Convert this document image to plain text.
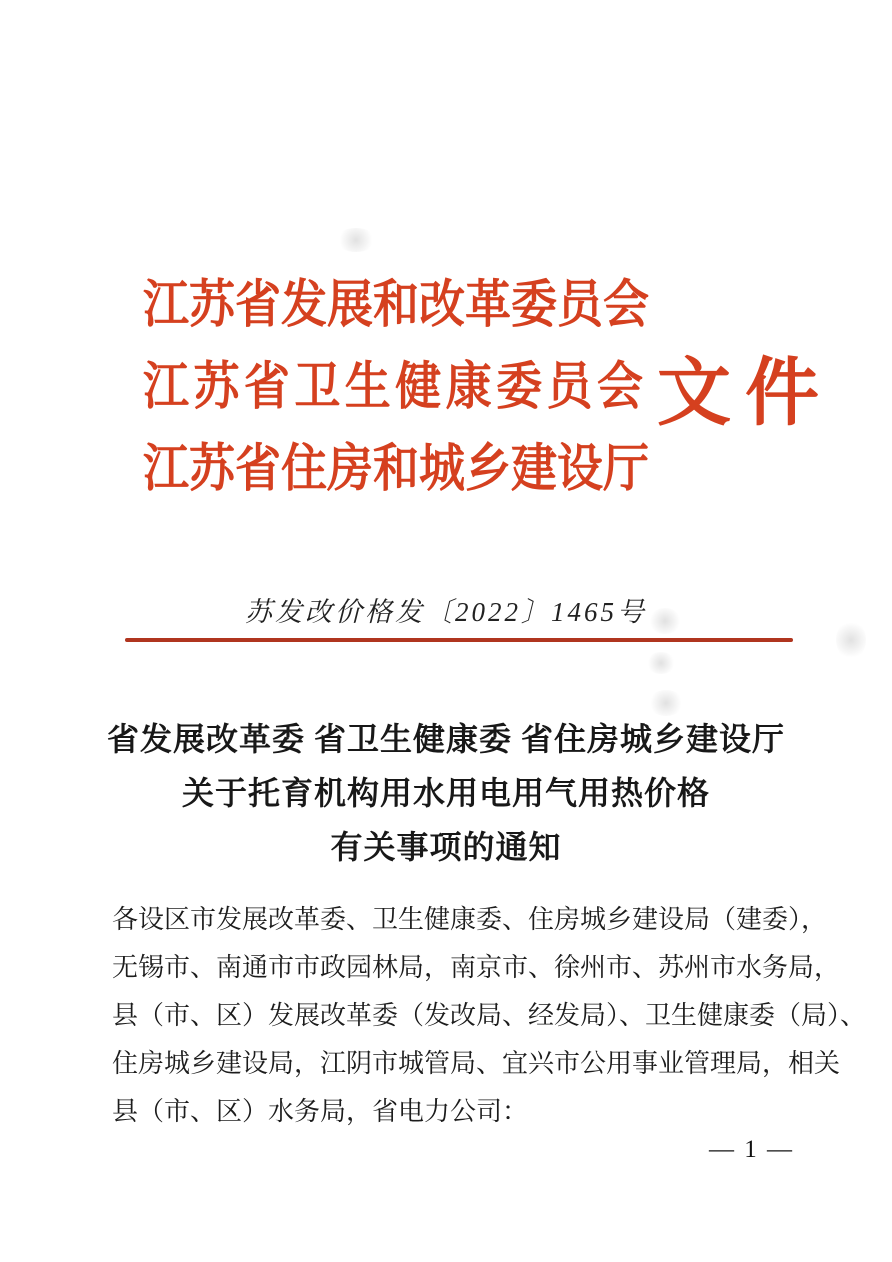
江苏省发展和改革委员会
江苏省卫生健康委员会
江苏省住房和城乡建设厅
文件
苏发改价格发〔2022〕1465号
省发展改革委 省卫生健康委 省住房城乡建设厅
关于托育机构用水用电用气用热价格
有关事项的通知
各设区市发展改革委、卫生健康委、住房城乡建设局（建委），
无锡市、南通市市政园林局，南京市、徐州市、苏州市水务局，
县（市、区）发展改革委（发改局、经发局）、卫生健康委（局）、
住房城乡建设局，江阴市城管局、宜兴市公用事业管理局，相关
县（市、区）水务局，省电力公司：
— 1 —
